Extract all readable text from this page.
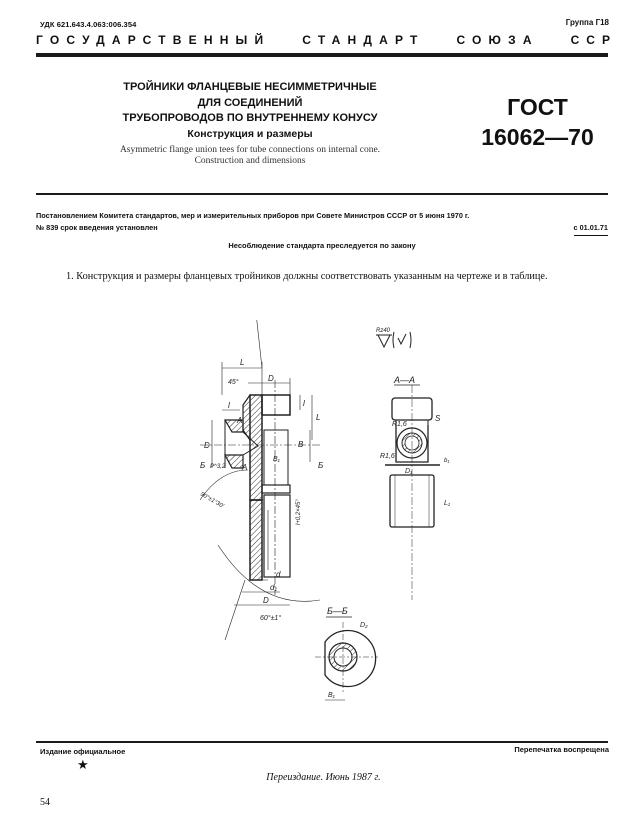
УДК 621.643.4.063:006.354	Группа Г18
ГОСУДАРСТВЕННЫЙ	СТАНДАРТ	СОЮЗА	ССР
ТРОЙНИКИ ФЛАНЦЕВЫЕ НЕСИММЕТРИЧНЫЕ
ДЛЯ СОЕДИНЕНИЙ
ТРУБОПРОВОДОВ ПО ВНУТРЕННЕМУ КОНУСУ
Конструкция и размеры
Asymmetric flange union tees for tube connections on internal cone.
Construction and dimensions
ГОСТ
16062—70
Постановлением Комитета стандартов, мер и измерительных приборов при Совете Министров СССР от 5 июня 1970 г.
№ 839 срок введения установлен	с 01.01.71
Несоблюдение стандарта преследуется по закону
1. Конструкция и размеры фланцевых тройников должны соответствовать указанным на чертеже и в таблице.
Rz40
L
D
45°
l
А
D
l
L
B
B₁
Б	Б
P^3,2 А
90°±1°30′	l+0,2×45°
d
d₁
D
60°±1°
А—А
R1,6
R1,6
S
D₁
b₁
L₁
Б—Б
D₂
B₁
Издание официальное	Перепечатка воспрещена
★
Переиздание. Июнь 1987 г.
54
